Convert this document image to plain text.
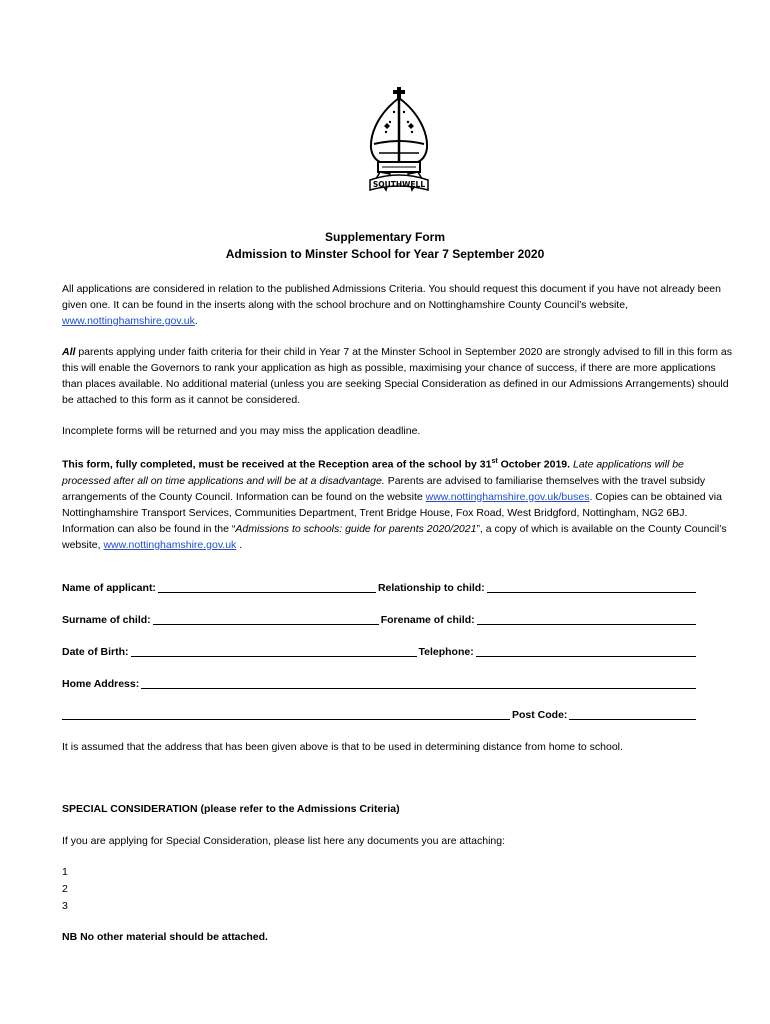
SOUTHWELL
Supplementary Form
Admission to Minster School for Year 7 September 2020

All applications are considered in relation to the published Admissions Criteria. You should request this document if you have not already been given one. It can be found in the inserts along with the school brochure and on Nottinghamshire County Council’s website, www.nottinghamshire.gov.uk.

All parents applying under faith criteria for their child in Year 7 at the Minster School in September 2020 are strongly advised to fill in this form as this will enable the Governors to rank your application as high as possible, maximising your chance of success, if there are more applications than places available. No additional material (unless you are seeking Special Consideration as defined in our Admissions Arrangements) should be attached to this form as it cannot be considered.

Incomplete forms will be returned and you may miss the application deadline.

This form, fully completed, must be received at the Reception area of the school by 31st October 2019. Late applications will be processed after all on time applications and will be at a disadvantage. Parents are advised to familiarise themselves with the travel subsidy arrangements of the County Council. Information can be found on the website www.nottinghamshire.gov.uk/buses. Copies can be obtained via Nottinghamshire Transport Services, Communities Department, Trent Bridge House, Fox Road, West Bridgford, Nottingham, NG2 6BJ. Information can also be found in the “Admissions to schools: guide for parents 2020/2021”, a copy of which is available on the County Council’s website, www.nottinghamshire.gov.uk .

Name of applicant:	Relationship to child:
Surname of child:	Forename of child:
Date of Birth:	Telephone:
Home Address:
Post Code:

It is assumed that the address that has been given above is that to be used in determining distance from home to school.

SPECIAL CONSIDERATION (please refer to the Admissions Criteria)

If you are applying for Special Consideration, please list here any documents you are attaching:

1
2
3

NB No other material should be attached.
